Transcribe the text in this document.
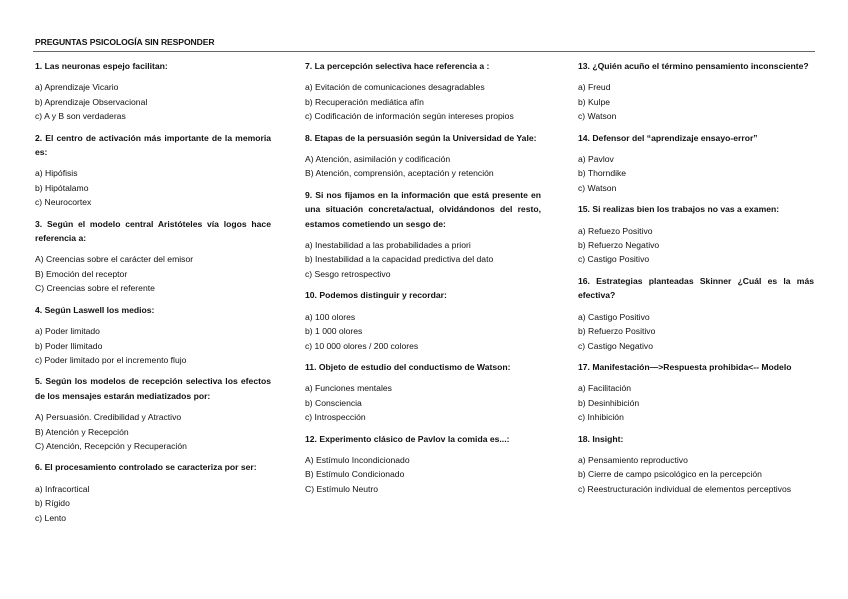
PREGUNTAS PSICOLOGÍA SIN RESPONDER
1. Las neuronas espejo facilitan:
a) Aprendizaje Vicario
b) Aprendizaje Observacional
c) A y B son verdaderas
2. El centro de activación más importante de la memoria es:
a) Hipófisis
b) Hipótalamo
c) Neurocortex
3. Según el modelo central Aristóteles vía logos hace referencia a:
A) Creencias sobre el carácter del emisor
B) Emoción del receptor
C) Creencias sobre el referente
4. Según Laswell los medios:
a) Poder limitado
b) Poder Ilimitado
c) Poder limitado por el incremento flujo
5. Según los modelos de recepción selectiva los efectos de los mensajes estarán mediatizados por:
A) Persuasión. Credibilidad y Atractivo
B) Atención y Recepción
C) Atención, Recepción y Recuperación
6. El procesamiento controlado se caracteriza por ser:
a) Infracortical
b) Rígido
c) Lento
7. La percepción selectiva hace referencia a :
a) Evitación de comunicaciones desagradables
b) Recuperación mediática afín
c) Codificación de información según intereses propios
8. Etapas de la persuasión según la Universidad de Yale:
A) Atención, asimilación y codificación
B) Atención, comprensión, aceptación y retención
9. Si nos fijamos en la información que está presente en una situación concreta/actual, olvidándonos del resto, estamos cometiendo un sesgo de:
a) Inestabilidad a las probabilidades a priori
b) Inestabilidad a la capacidad predictiva del dato
c) Sesgo retrospectivo
10. Podemos distinguir y recordar:
a) 100 olores
b) 1 000 olores
c) 10 000 olores / 200 colores
11. Objeto de estudio del conductismo de Watson:
a) Funciones mentales
b) Consciencia
c) Introspección
12. Experimento clásico de Pavlov la comida es...:
A) Estímulo Incondicionado
B) Estímulo Condicionado
C) Estímulo Neutro
13. ¿Quién acuño el término pensamiento inconsciente?
a) Freud
b) Kulpe
c) Watson
14. Defensor del “aprendizaje ensayo-error”
a) Pavlov
b) Thorndike
c) Watson
15. Si realizas bien los trabajos no vas a examen:
a) Refuezo Positivo
b) Refuerzo Negativo
c) Castigo Positivo
16. Estrategias planteadas Skinner ¿Cuál es la más efectiva?
a) Castigo Positivo
b) Refuerzo Positivo
c) Castigo Negativo
17. Manifestación—>Respuesta prohibida<-- Modelo
a) Facilitación
b) Desinhibición
c) Inhibición
18. Insight:
a) Pensamiento reproductivo
b) Cierre de campo psicológico en la percepción
c) Reestructuración individual de elementos perceptivos
